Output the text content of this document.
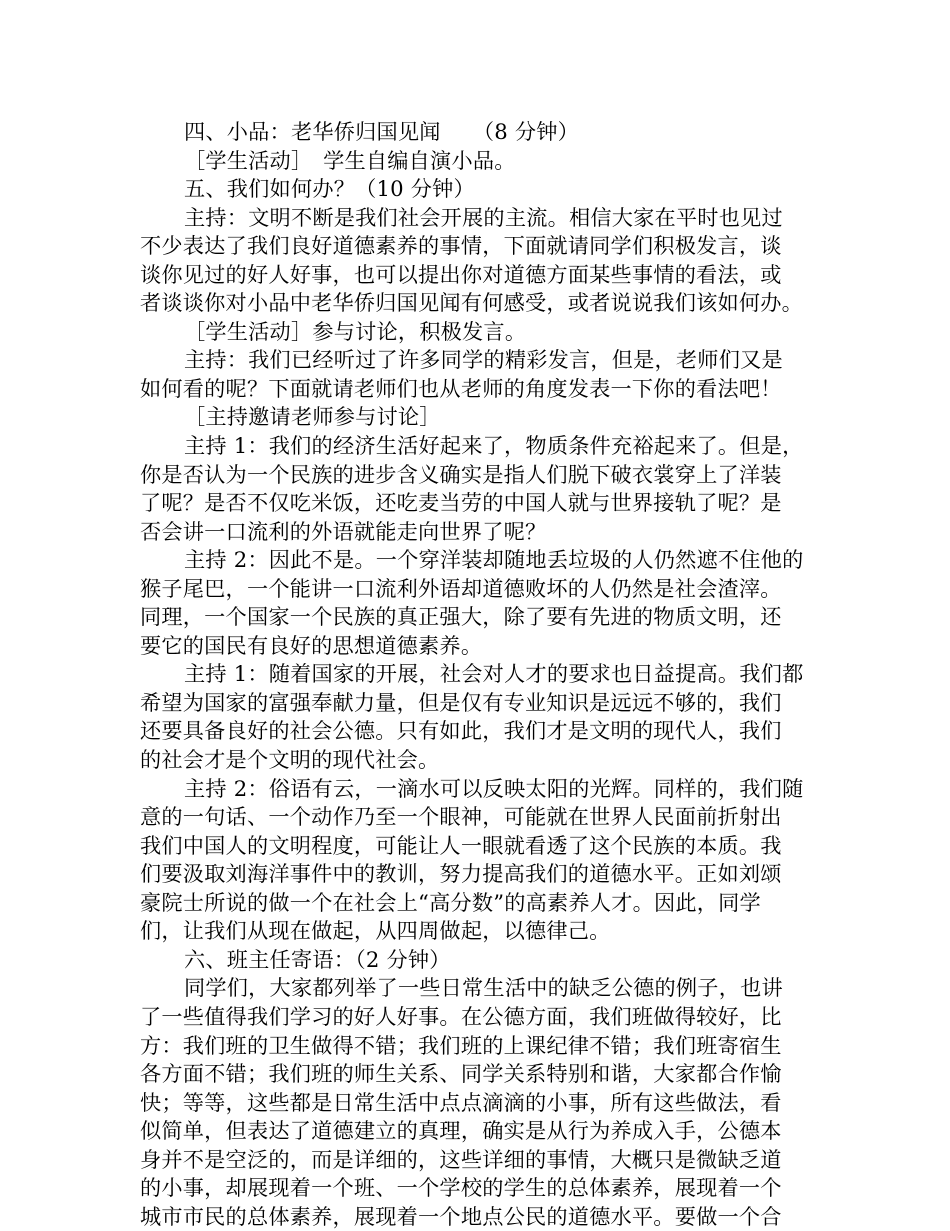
四、小品：老华侨归国见闻　　（8 分钟）
［学生活动］　学生自编自演小品。
五、我们如何办？（10 分钟）
主持：文明不断是我们社会开展的主流。相信大家在平时也见过
不少表达了我们良好道德素养的事情，下面就请同学们积极发言，谈
谈你见过的好人好事，也可以提出你对道德方面某些事情的看法，或
者谈谈你对小品中老华侨归国见闻有何感受，或者说说我们该如何办。
［学生活动］参与讨论，积极发言。
主持：我们已经听过了许多同学的精彩发言，但是，老师们又是
如何看的呢？下面就请老师们也从老师的角度发表一下你的看法吧！
［主持邀请老师参与讨论］
主持 1：我们的经济生活好起来了，物质条件充裕起来了。但是，
你是否认为一个民族的进步含义确实是指人们脱下破衣裳穿上了洋装
了呢？是否不仅吃米饭，还吃麦当劳的中国人就与世界接轨了呢？是
否会讲一口流利的外语就能走向世界了呢？
主持 2：因此不是。一个穿洋装却随地丢垃圾的人仍然遮不住他的
猴子尾巴，一个能讲一口流利外语却道德败坏的人仍然是社会渣滓。
同理，一个国家一个民族的真正强大，除了要有先进的物质文明，还
要它的国民有良好的思想道德素养。
主持 1：随着国家的开展，社会对人才的要求也日益提高。我们都
希望为国家的富强奉献力量，但是仅有专业知识是远远不够的，我们
还要具备良好的社会公德。只有如此，我们才是文明的现代人，我们
的社会才是个文明的现代社会。
主持 2：俗语有云，一滴水可以反映太阳的光辉。同样的，我们随
意的一句话、一个动作乃至一个眼神，可能就在世界人民面前折射出
我们中国人的文明程度，可能让人一眼就看透了这个民族的本质。我
们要汲取刘海洋事件中的教训，努力提高我们的道德水平。正如刘颂
豪院士所说的做一个在社会上“高分数”的高素养人才。因此，同学
们，让我们从现在做起，从四周做起，以德律己。
六、班主任寄语：（2 分钟）
同学们，大家都列举了一些日常生活中的缺乏公德的例子，也讲
了一些值得我们学习的好人好事。在公德方面，我们班做得较好，比
方：我们班的卫生做得不错；我们班的上课纪律不错；我们班寄宿生
各方面不错；我们班的师生关系、同学关系特别和谐，大家都合作愉
快；等等，这些都是日常生活中点点滴滴的小事，所有这些做法，看
似简单，但表达了道德建立的真理，确实是从行为养成入手，公德本
身并不是空泛的，而是详细的，这些详细的事情，大概只是微缺乏道
的小事，却展现着一个班、一个学校的学生的总体素养，展现着一个
城市市民的总体素养，展现着一个地点公民的道德水平。要做一个合
